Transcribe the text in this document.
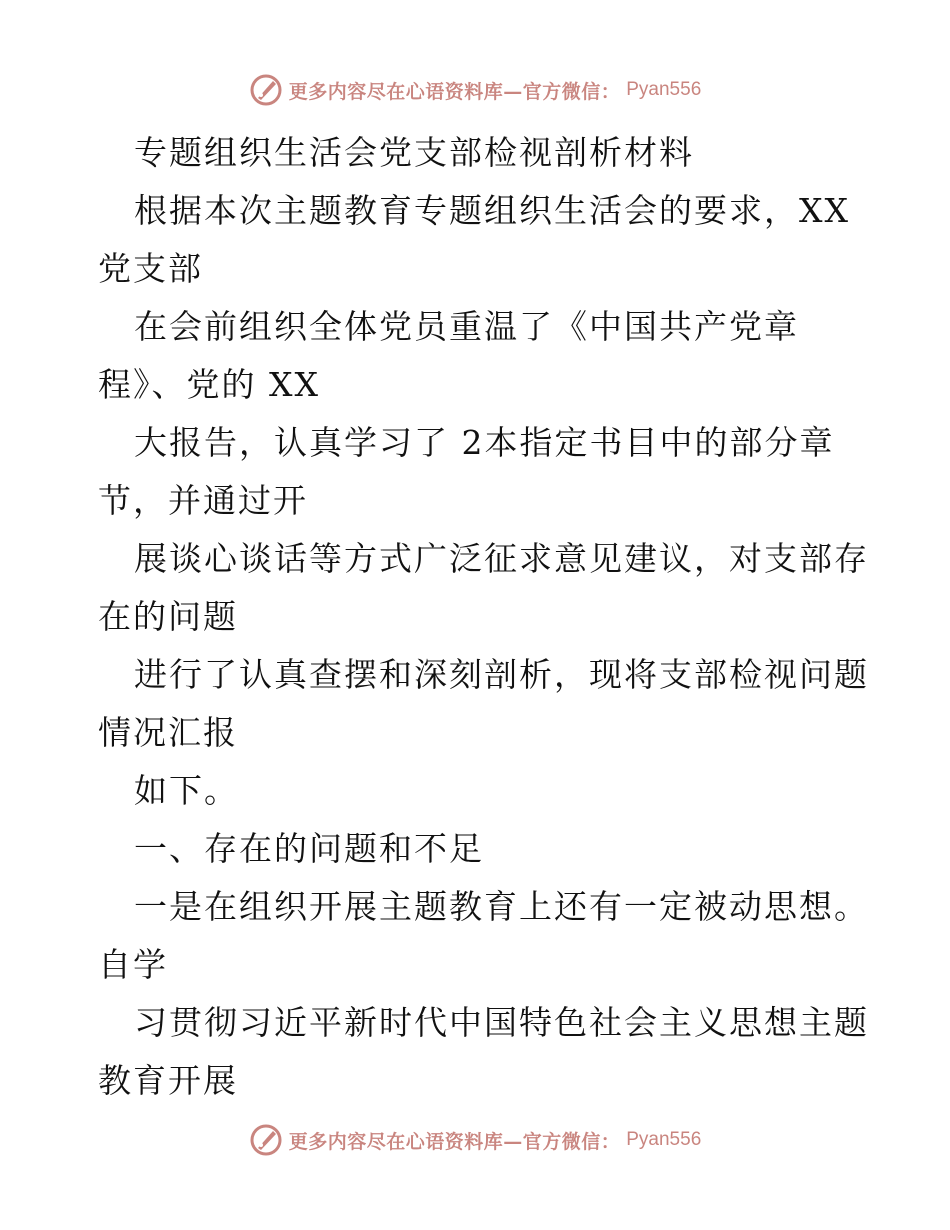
更多内容尽在心语资料库—官方微信： Pyan556
专题组织生活会党支部检视剖析材料
根据本次主题教育专题组织生活会的要求，XX
党支部
在会前组织全体党员重温了《中国共产党章
程》、党的 XX
大报告，认真学习了 2本指定书目中的部分章
节，并通过开
展谈心谈话等方式广泛征求意见建议，对支部存
在的问题
进行了认真查摆和深刻剖析，现将支部检视问题
情况汇报
如下。
一、存在的问题和不足
一是在组织开展主题教育上还有一定被动思想。
自学
习贯彻习近平新时代中国特色社会主义思想主题
教育开展
更多内容尽在心语资料库—官方微信： Pyan556
